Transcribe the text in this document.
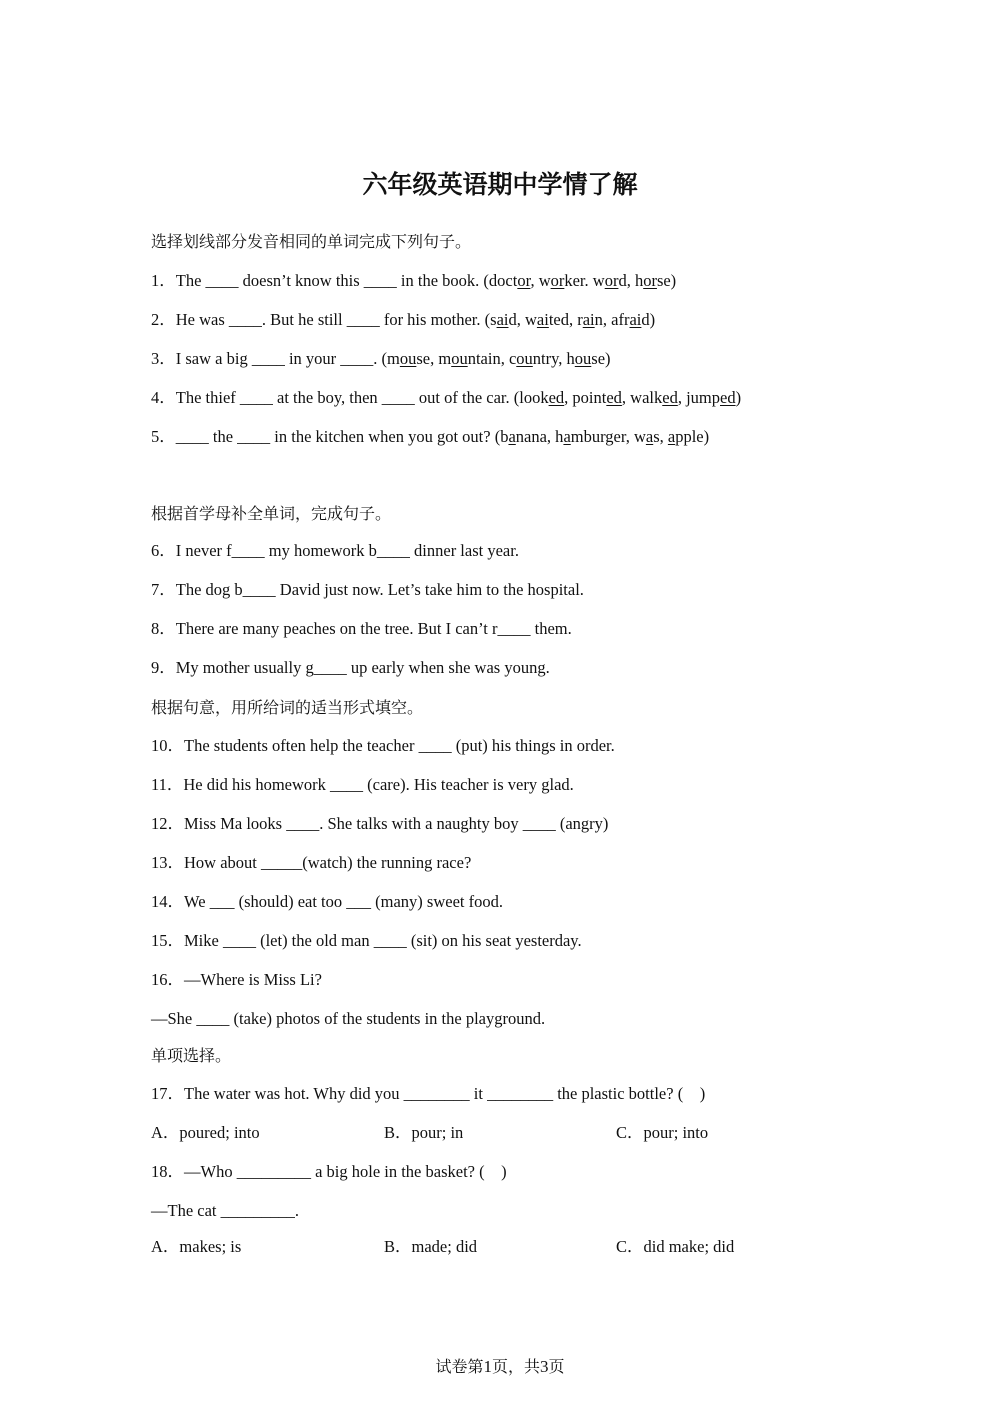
六年级英语期中学情了解
选择划线部分发音相同的单词完成下列句子。
1．The ____ doesn’t know this ____ in the book. (doctor, worker. word, horse)
2．He was ____. But he still ____ for his mother. (said, waited, rain, afraid)
3．I saw a big ____ in your ____. (mouse, mountain, country, house)
4．The thief ____ at the boy, then ____ out of the car. (looked, pointed, walked, jumped)
5．____ the ____ in the kitchen when you got out? (banana, hamburger, was, apple)
根据首学母补全单词，完成句子。
6．I never f____ my homework b____ dinner last year.
7．The dog b____ David just now. Let’s take him to the hospital.
8．There are many peaches on the tree. But I can’t r____ them.
9．My mother usually g____ up early when she was young.
根据句意，用所给词的适当形式填空。
10．The students often help the teacher ____ (put) his things in order.
11．He did his homework ____ (care). His teacher is very glad.
12．Miss Ma looks ____. She talks with a naughty boy ____ (angry)
13．How about _____(watch) the running race?
14．We ___ (should) eat too ___ (many) sweet food.
15．Mike ____ (let) the old man ____ (sit) on his seat yesterday.
16．—Where is Miss Li?
—She ____ (take) photos of the students in the playground.
单项选择。
17．The water was hot. Why did you ________ it ________ the plastic bottle? (　)
A．poured; into	B．pour; in	C．pour; into
18．—Who _________ a big hole in the basket? (　)
—The cat _________.
A．makes; is	B．made; did	C．did make; did
试卷第1页，共3页
